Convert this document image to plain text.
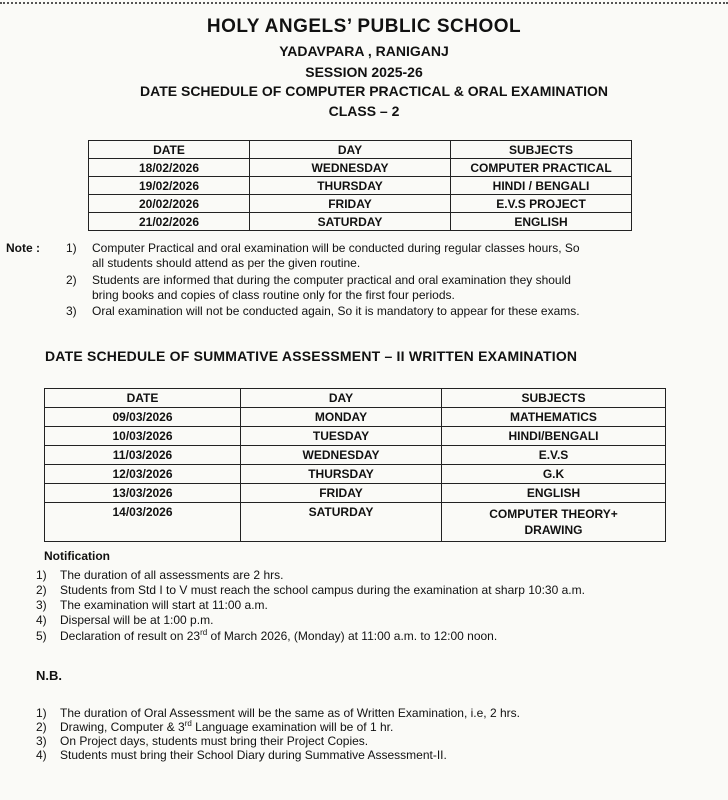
HOLY ANGELS’ PUBLIC SCHOOL
YADAVPARA , RANIGANJ
SESSION 2025-26
DATE SCHEDULE OF COMPUTER PRACTICAL & ORAL EXAMINATION
CLASS – 2
DATE	DAY	SUBJECTS
18/02/2026	WEDNESDAY	COMPUTER PRACTICAL
19/02/2026	THURSDAY	HINDI / BENGALI
20/02/2026	FRIDAY	E.V.S PROJECT
21/02/2026	SATURDAY	ENGLISH
Note : 1) Computer Practical and oral examination will be conducted during regular classes hours, So
all students should attend as per the given routine.
2) Students are informed that during the computer practical and oral examination they should
bring books and copies of class routine only for the first four periods.
3) Oral examination will not be conducted again, So it is mandatory to appear for these exams.
DATE SCHEDULE OF SUMMATIVE ASSESSMENT – II WRITTEN EXAMINATION
DATE	DAY	SUBJECTS
09/03/2026	MONDAY	MATHEMATICS
10/03/2026	TUESDAY	HINDI/BENGALI
11/03/2026	WEDNESDAY	E.V.S
12/03/2026	THURSDAY	G.K
13/03/2026	FRIDAY	ENGLISH
14/03/2026	SATURDAY	COMPUTER THEORY+
DRAWING
Notification
1) The duration of all assessments are 2 hrs.
2) Students from Std I to V must reach the school campus during the examination at sharp 10:30 a.m.
3) The examination will start at 11:00 a.m.
4) Dispersal will be at 1:00 p.m.
5) Declaration of result on 23rd of March 2026, (Monday) at 11:00 a.m. to 12:00 noon.
N.B.
1) The duration of Oral Assessment will be the same as of Written Examination, i.e, 2 hrs.
2) Drawing, Computer & 3rd Language examination will be of 1 hr.
3) On Project days, students must bring their Project Copies.
4) Students must bring their School Diary during Summative Assessment-II.
